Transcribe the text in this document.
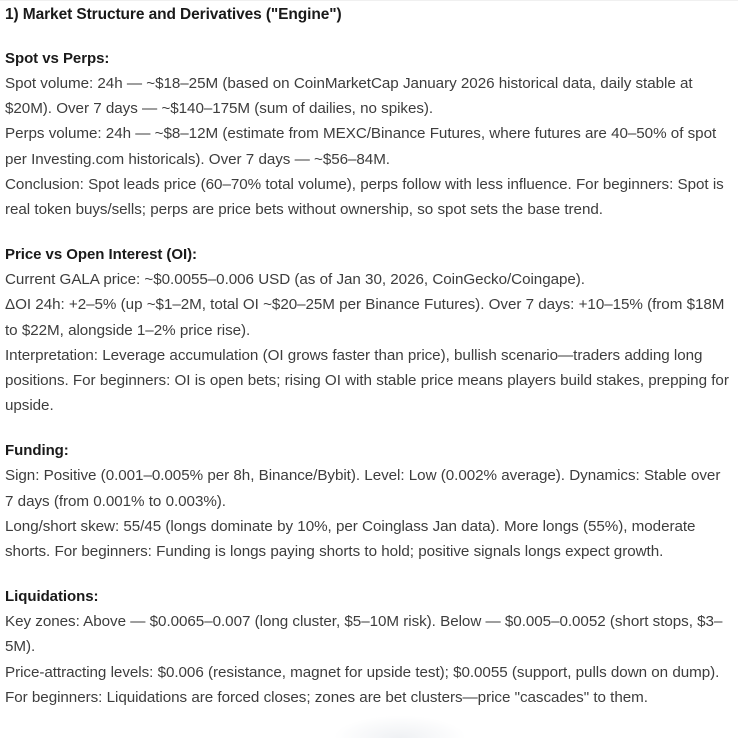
1) Market Structure and Derivatives ("Engine")
Spot vs Perps:

Spot volume: 24h — ~$18–25M (based on CoinMarketCap January 2026 historical data, daily stable at $20M). Over 7 days — ~$140–175M (sum of dailies, no spikes).

Perps volume: 24h — ~$8–12M (estimate from MEXC/Binance Futures, where futures are 40–50% of spot per Investing.com historicals). Over 7 days — ~$56–84M.

Conclusion: Spot leads price (60–70% total volume), perps follow with less influence. For beginners: Spot is real token buys/sells; perps are price bets without ownership, so spot sets the base trend.

Price vs Open Interest (OI):

Current GALA price: ~$0.0055–0.006 USD (as of Jan 30, 2026, CoinGecko/Coingape).

ΔOI 24h: +2–5% (up ~$1–2M, total OI ~$20–25M per Binance Futures). Over 7 days: +10–15% (from $18M to $22M, alongside 1–2% price rise).

Interpretation: Leverage accumulation (OI grows faster than price), bullish scenario—traders adding long positions. For beginners: OI is open bets; rising OI with stable price means players build stakes, prepping for upside.

Funding:

Sign: Positive (0.001–0.005% per 8h, Binance/Bybit). Level: Low (0.002% average). Dynamics: Stable over 7 days (from 0.001% to 0.003%).

Long/short skew: 55/45 (longs dominate by 10%, per Coinglass Jan data). More longs (55%), moderate shorts. For beginners: Funding is longs paying shorts to hold; positive signals longs expect growth.

Liquidations:

Key zones: Above — $0.0065–0.007 (long cluster, $5–10M risk). Below — $0.005–0.0052 (short stops, $3–5M).

Price-attracting levels: $0.006 (resistance, magnet for upside test); $0.0055 (support, pulls down on dump). For beginners: Liquidations are forced closes; zones are bet clusters—price "cascades" to them.
